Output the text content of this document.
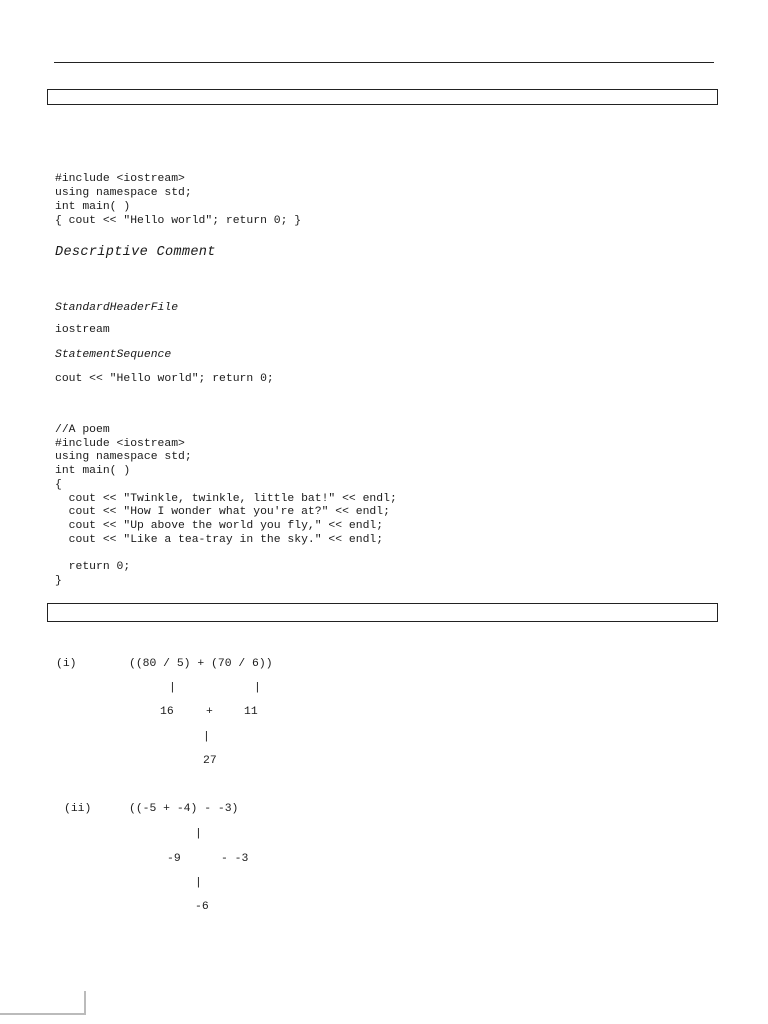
#include <iostream>
using namespace std;
int main( )
{ cout << "Hello world"; return 0; }
Descriptive Comment
StandardHeaderFile
iostream
StatementSequence
cout << "Hello world"; return 0;
//A poem
#include <iostream>
using namespace std;
int main( )
{
cout << "Twinkle, twinkle, little bat!" << endl;
cout << "How I wonder what you're at?" << endl;
cout << "Up above the world you fly," << endl;
cout << "Like a tea-tray in the sky." << endl;
return 0;
}
(i)	((80 / 5) + (70 / 6))
|	|
16	+	11
|
27
(ii)	((-5 + -4) - -3)
|
-9	- -3
|
-6
